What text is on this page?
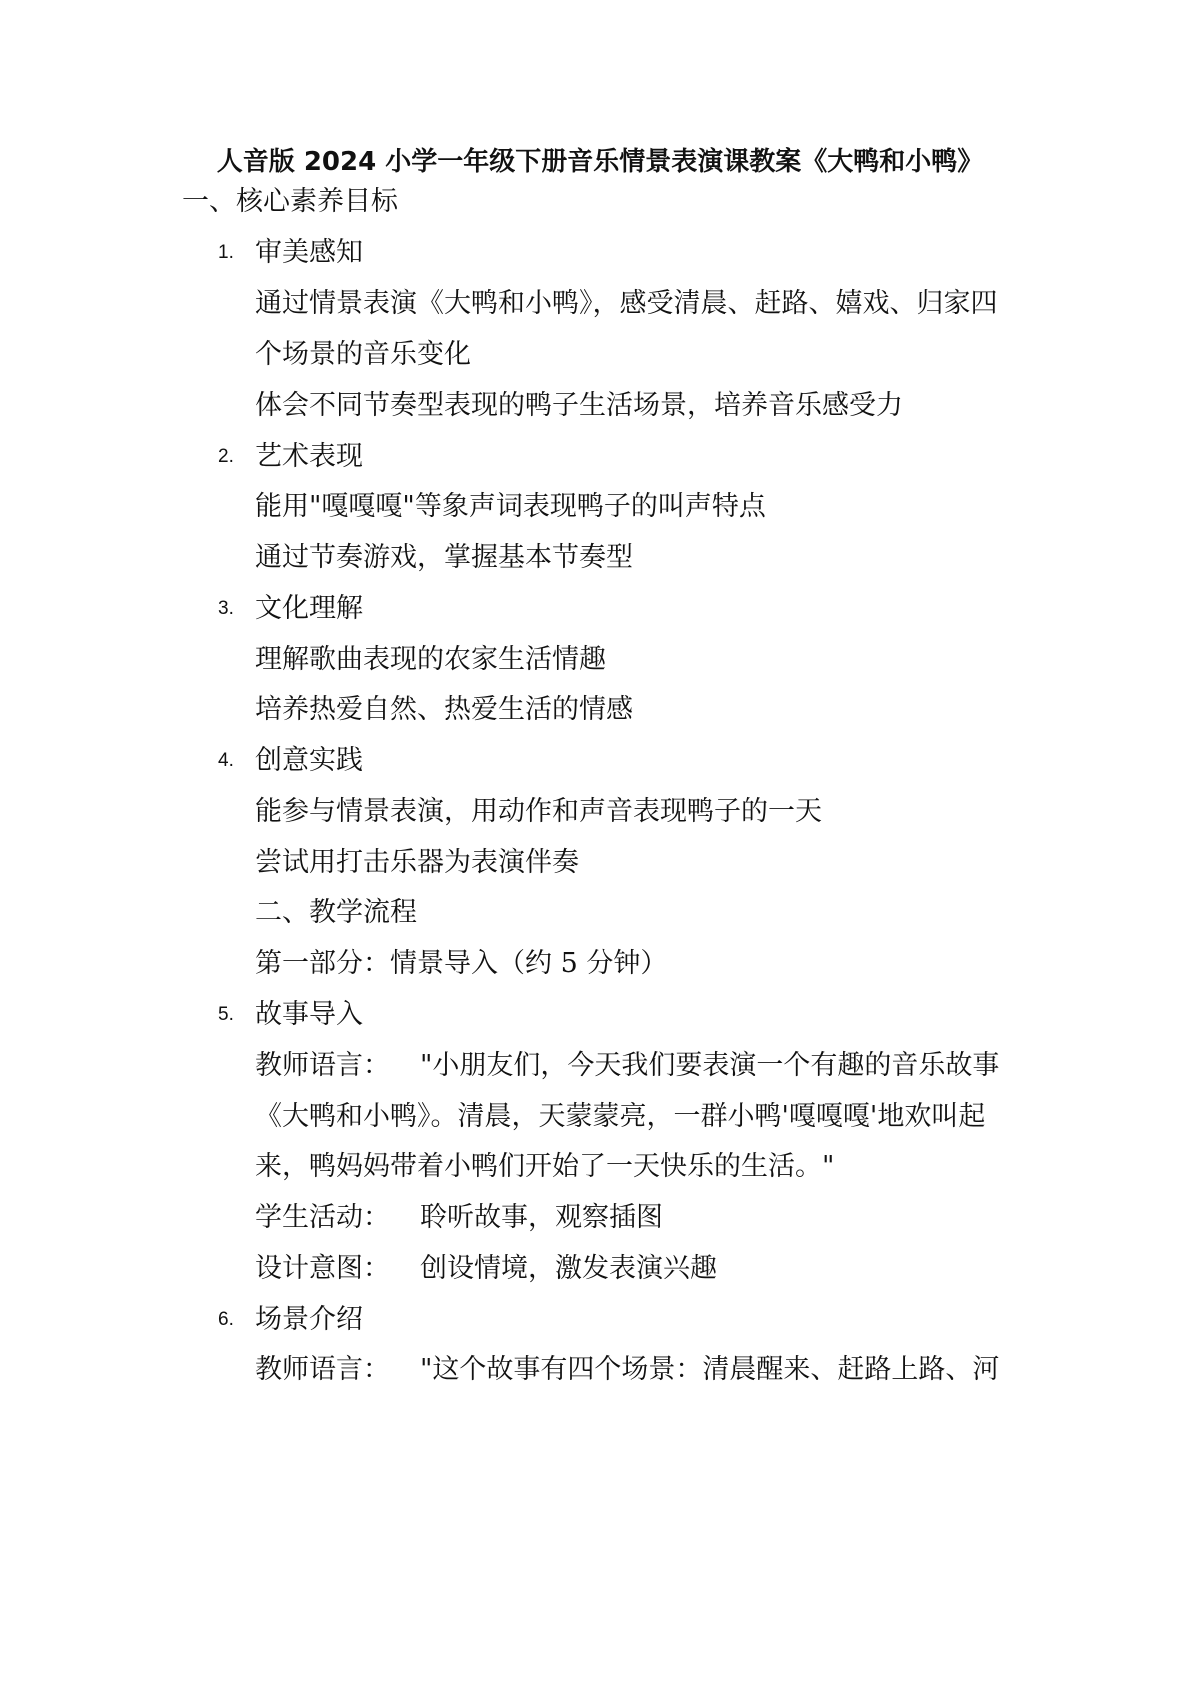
人音版 2024 小学一年级下册音乐情景表演课教案《大鸭和小鸭》
一、核心素养目标
1. 审美感知
通过情景表演《大鸭和小鸭》，感受清晨、赶路、嬉戏、归家四
个场景的音乐变化
体会不同节奏型表现的鸭子生活场景，培养音乐感受力
2. 艺术表现
能用"嘎嘎嘎"等象声词表现鸭子的叫声特点
通过节奏游戏，掌握基本节奏型
3. 文化理解
理解歌曲表现的农家生活情趣
培养热爱自然、热爱生活的情感
4. 创意实践
能参与情景表演，用动作和声音表现鸭子的一天
尝试用打击乐器为表演伴奏
二、教学流程
第一部分：情景导入（约 5 分钟）
5. 故事导入
教师语言： "小朋友们，今天我们要表演一个有趣的音乐故事
《大鸭和小鸭》。清晨，天蒙蒙亮，一群小鸭'嘎嘎嘎'地欢叫起
来，鸭妈妈带着小鸭们开始了一天快乐的生活。"
学生活动： 聆听故事，观察插图
设计意图： 创设情境，激发表演兴趣
6. 场景介绍
教师语言： "这个故事有四个场景：清晨醒来、赶路上路、河
